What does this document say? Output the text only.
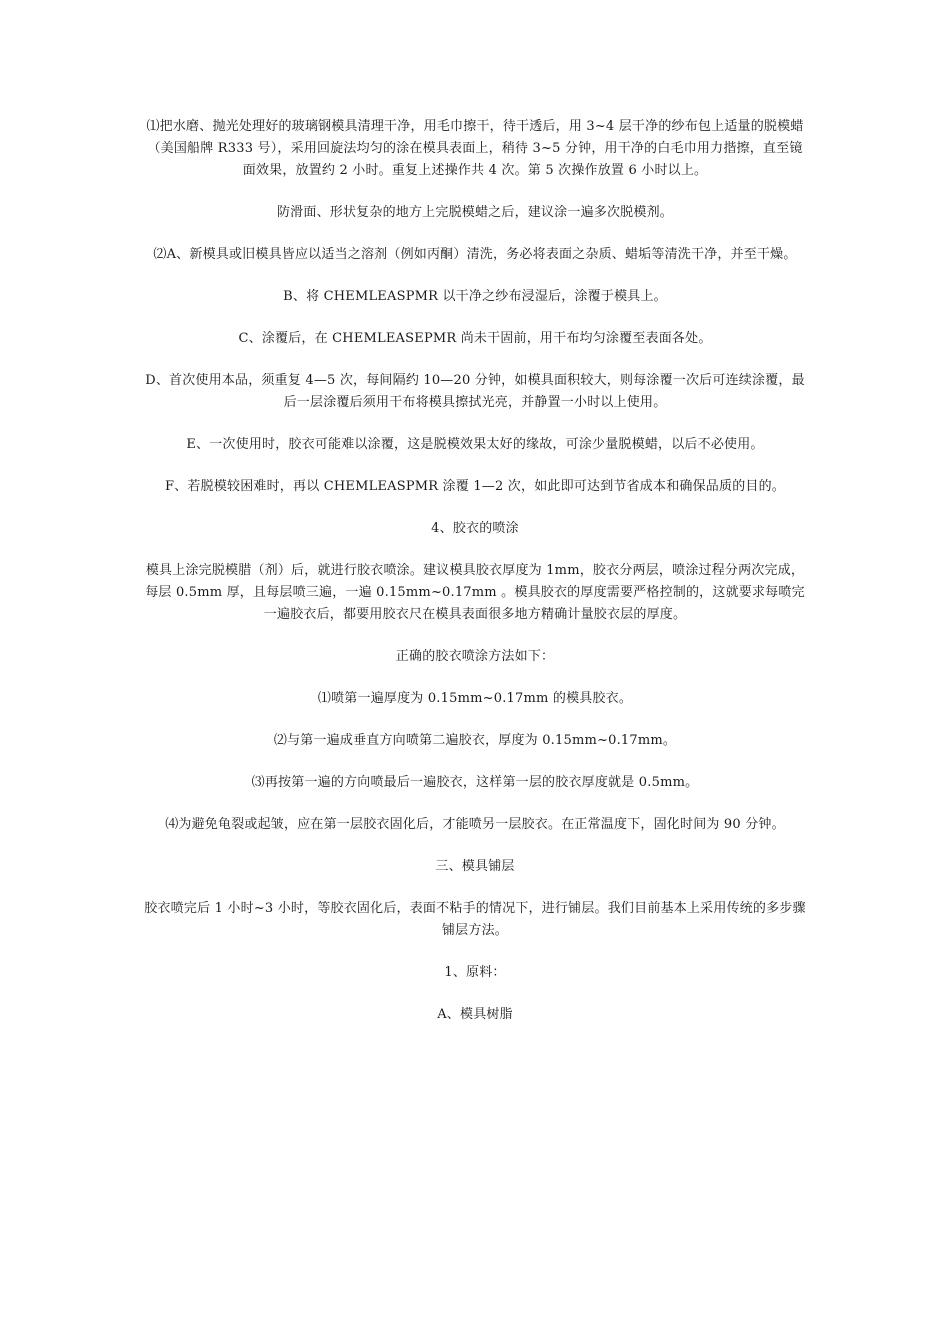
⑴把水磨、抛光处理好的玻璃钢模具清理干净，用毛巾擦干，待干透后，用 3~4 层干净的纱布包上适量的脱模蜡（美国船牌 R333 号），采用回旋法均匀的涂在模具表面上，稍待 3~5 分钟，用干净的白毛巾用力揩擦，直至镜面效果，放置约 2 小时。重复上述操作共 4 次。第 5 次操作放置 6 小时以上。

防滑面、形状复杂的地方上完脱模蜡之后，建议涂一遍多次脱模剂。

⑵A、新模具或旧模具皆应以适当之溶剂（例如丙酮）清洗，务必将表面之杂质、蜡垢等清洗干净，并至干燥。

B、将 CHEMLEASPMR 以干净之纱布浸湿后，涂覆于模具上。

C、涂覆后，在 CHEMLEASEPMR 尚未干固前，用干布均匀涂覆至表面各处。

D、首次使用本品，须重复 4—5 次，每间隔约 10—20 分钟，如模具面积较大，则每涂覆一次后可连续涂覆，最后一层涂覆后须用干布将模具擦拭光亮，并静置一小时以上使用。

E、一次使用时，胶衣可能难以涂覆，这是脱模效果太好的缘故，可涂少量脱模蜡，以后不必使用。

F、若脱模较困难时，再以 CHEMLEASPMR 涂覆 1—2 次，如此即可达到节省成本和确保品质的目的。

4、胶衣的喷涂

模具上涂完脱模腊（剂）后，就进行胶衣喷涂。建议模具胶衣厚度为 1mm，胶衣分两层，喷涂过程分两次完成，每层 0.5mm 厚，且每层喷三遍，一遍 0.15mm~0.17mm 。模具胶衣的厚度需要严格控制的，这就要求每喷完一遍胶衣后，都要用胶衣尺在模具表面很多地方精确计量胶衣层的厚度。

正确的胶衣喷涂方法如下：

⑴喷第一遍厚度为 0.15mm~0.17mm 的模具胶衣。

⑵与第一遍成垂直方向喷第二遍胶衣，厚度为 0.15mm~0.17mm。

⑶再按第一遍的方向喷最后一遍胶衣，这样第一层的胶衣厚度就是 0.5mm。

⑷为避免龟裂或起皱，应在第一层胶衣固化后，才能喷另一层胶衣。在正常温度下，固化时间为 90 分钟。

三、模具铺层

胶衣喷完后 1 小时~3 小时，等胶衣固化后，表面不粘手的情况下，进行铺层。我们目前基本上采用传统的多步骤铺层方法。

1、原料：

A、模具树脂
